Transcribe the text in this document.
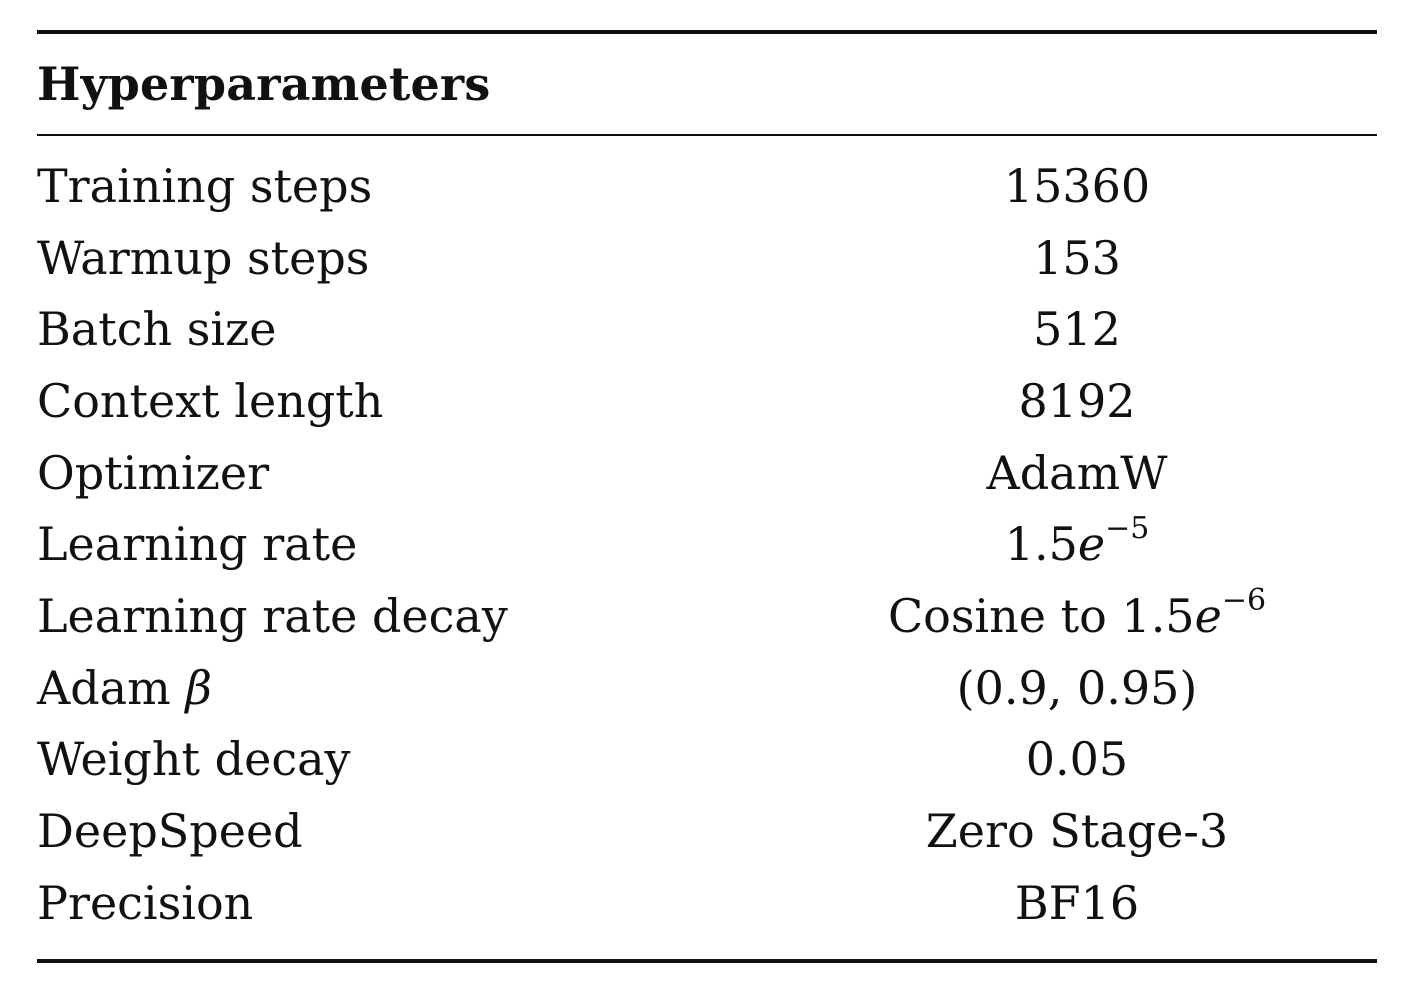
Hyperparameters
Training steps	15360
Warmup steps	153
Batch size	512
Context length	8192
Optimizer	AdamW
Learning rate	$1.5e^{-5}$
Learning rate decay	Cosine to $1.5e^{-6}$
Adam β	(0.9, 0.95)
Weight decay	0.05
DeepSpeed	Zero Stage-3
Precision	BF16
